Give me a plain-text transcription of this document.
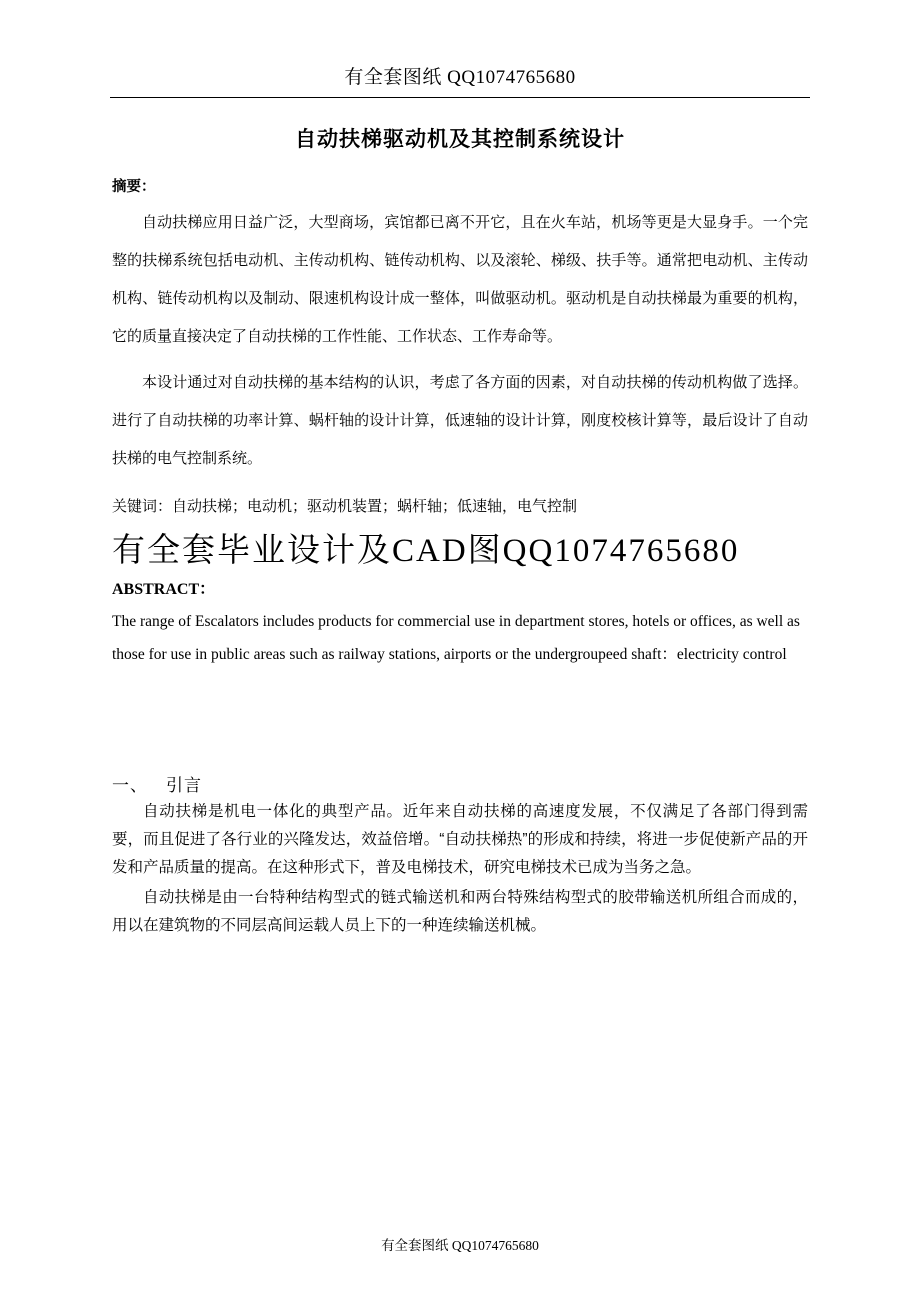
有全套图纸 QQ1074765680
自动扶梯驱动机及其控制系统设计
摘要：
自动扶梯应用日益广泛，大型商场，宾馆都已离不开它，且在火车站，机场等更是大显身手。一个完整的扶梯系统包括电动机、主传动机构、链传动机构、以及滚轮、梯级、扶手等。通常把电动机、主传动机构、链传动机构以及制动、限速机构设计成一整体，叫做驱动机。驱动机是自动扶梯最为重要的机构，它的质量直接决定了自动扶梯的工作性能、工作状态、工作寿命等。
本设计通过对自动扶梯的基本结构的认识，考虑了各方面的因素，对自动扶梯的传动机构做了选择。进行了自动扶梯的功率计算、蜗杆轴的设计计算，低速轴的设计计算，刚度校核计算等，最后设计了自动扶梯的电气控制系统。
关键词：自动扶梯；电动机；驱动机装置；蜗杆轴；低速轴，电气控制
有全套毕业设计及CAD图QQ1074765680
ABSTRACT：
The range of Escalators includes products for commercial use in department stores, hotels or offices, as well as those for use in public areas such as railway stations, airports or the undergroupeed shaft：electricity control
一、 引言
自动扶梯是机电一体化的典型产品。近年来自动扶梯的高速度发展，不仅满足了各部门得到需要，而且促进了各行业的兴隆发达，效益倍增。“自动扶梯热”的形成和持续，将进一步促使新产品的开发和产品质量的提高。在这种形式下，普及电梯技术，研究电梯技术已成为当务之急。
自动扶梯是由一台特种结构型式的链式输送机和两台特殊结构型式的胶带输送机所组合而成的，用以在建筑物的不同层高间运载人员上下的一种连续输送机械。
有全套图纸 QQ1074765680
